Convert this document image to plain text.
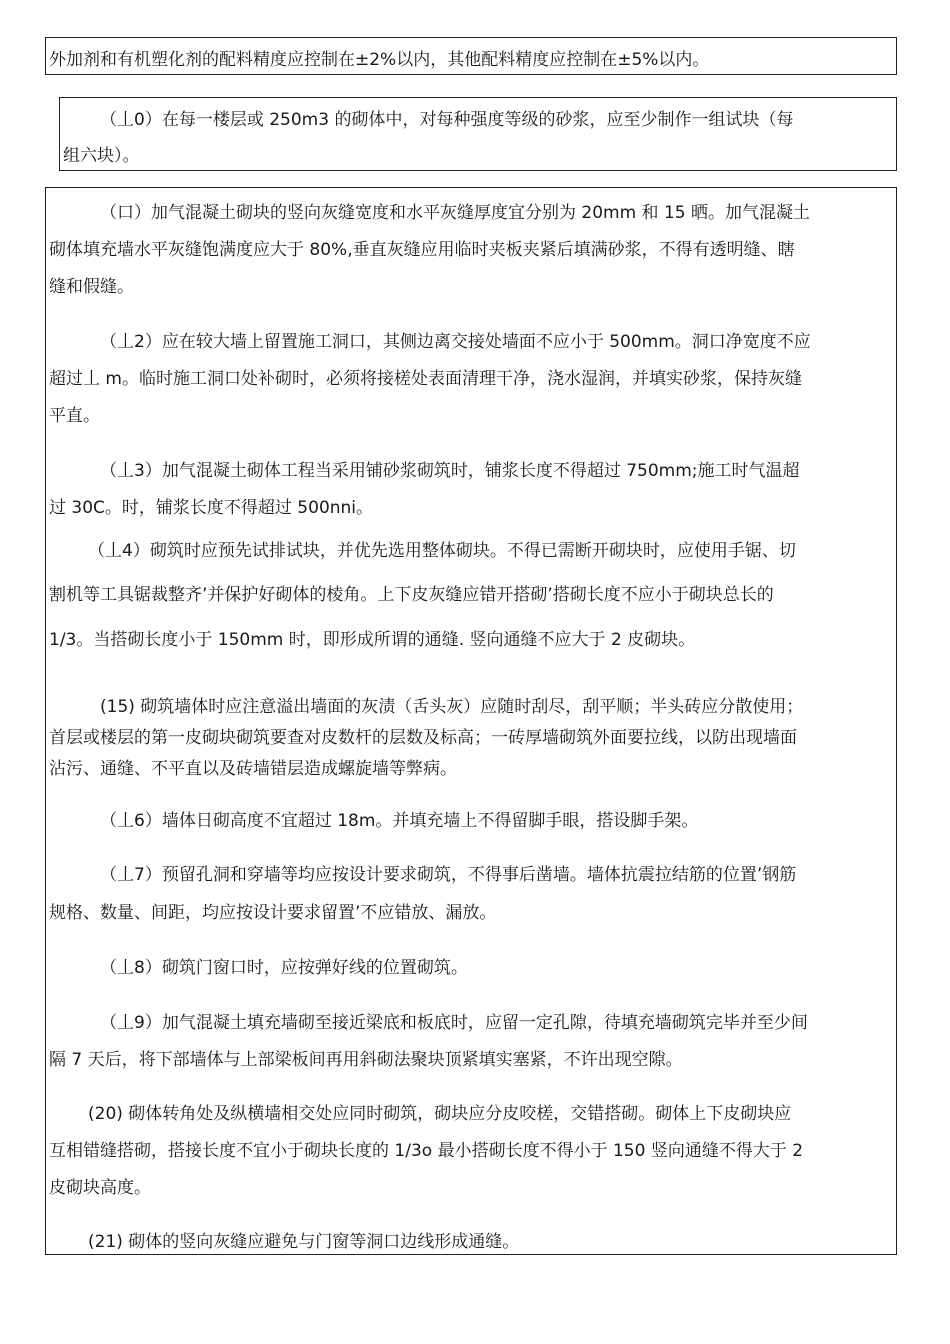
外加剂和有机塑化剂的配料精度应控制在±2%以内，其他配料精度应控制在±5%以内。
（丄0）在每一楼层或 250m3 的砌体中，对每种强度等级的砂浆，应至少制作一组试块（每
组六块）。
（口）加气混凝土砌块的竖向灰缝宽度和水平灰缝厚度宜分别为 20mm 和 15 晒。加气混凝土
砌体填充墙水平灰缝饱满度应大于 80%,垂直灰缝应用临时夹板夹紧后填满砂浆，不得有透明缝、瞎
缝和假缝。
（丄2）应在较大墙上留置施工洞口，其侧边离交接处墙面不应小于 500mm。洞口净宽度不应
超过丄 m。临时施工洞口处补砌时，必须将接槎处表面清理干净，浇水湿润，并填实砂浆，保持灰缝
平直。
（丄3）加气混凝土砌体工程当采用铺砂浆砌筑时，铺浆长度不得超过 750mm;施工时气温超
过 30C。时，铺浆长度不得超过 500nni。
（丄4）砌筑时应预先试排试块，并优先选用整体砌块。不得已需断开砌块时，应使用手锯、切
割机等工具锯裁整齐’并保护好砌体的棱角。上下皮灰缝应错开搭砌’搭砌长度不应小于砌块总长的
1/3。当搭砌长度小于 150mm 时，即形成所谓的通缝. 竖向通缝不应大于 2 皮砌块。
(15) 砌筑墙体时应注意溢出墙面的灰渍（舌头灰）应随时刮尽，刮平顺；半头砖应分散使用；
首层或楼层的第一皮砌块砌筑要查对皮数杆的层数及标高；一砖厚墙砌筑外面要拉线，以防出现墙面
沾污、通缝、不平直以及砖墙错层造成螺旋墙等弊病。
（丄6）墙体日砌高度不宜超过 18m。并填充墙上不得留脚手眼，搭设脚手架。
（丄7）预留孔洞和穿墙等均应按设计要求砌筑，不得事后凿墙。墙体抗震拉结筋的位置’钢筋
规格、数量、间距，均应按设计要求留置’不应错放、漏放。
（丄8）砌筑门窗口时，应按弹好线的位置砌筑。
（丄9）加气混凝土填充墙砌至接近梁底和板底时，应留一定孔隙，待填充墙砌筑完毕并至少间
隔 7 天后，将下部墙体与上部梁板间再用斜砌法聚块顶紧填实塞紧，不许出现空隙。
(20) 砌体转角处及纵横墙相交处应同时砌筑，砌块应分皮咬槎，交错搭砌。砌体上下皮砌块应
互相错缝搭砌，搭接长度不宜小于砌块长度的 1/3o 最小搭砌长度不得小于 150 竖向通缝不得大于 2
皮砌块高度。
(21) 砌体的竖向灰缝应避免与门窗等洞口边线形成通缝。
